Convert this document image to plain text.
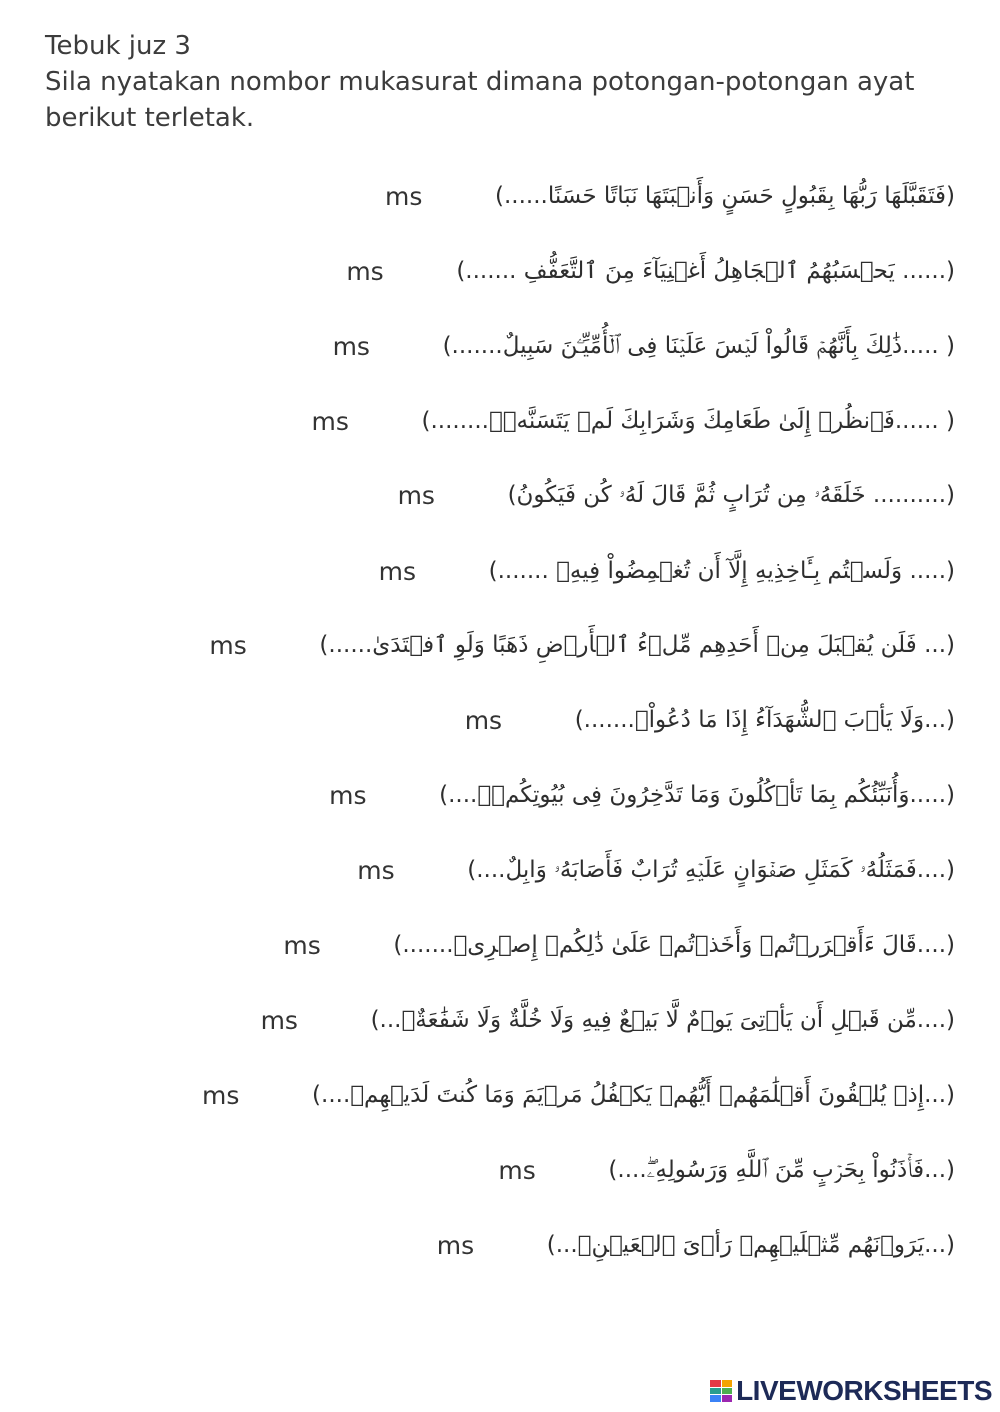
Tebuk juz 3
Sila nyatakan nombor mukasurat dimana potongan-potongan ayat
berikut terletak.
ms	(فَتَقَبَّلَهَا رَبُّهَا بِقَبُولٍ حَسَنٍ وَأَنۢبَتَهَا نَبَاتًا حَسَنًا......)
ms	(...... يَحۡسَبُهُمُ ٱلۡجَاهِلُ أَغۡنِيَآءَ مِنَ ٱلتَّعَفُّفِ .......)
ms	( .....ذَٰلِكَ بِأَنَّهُمۡ قَالُواْ لَيۡسَ عَلَيۡنَا فِى ٱلۡأُمِّيِّـۧنَ سَبِيلٌ.......)
ms	( ......فَٱنظُرۡ إِلَىٰ طَعَامِكَ وَشَرَابِكَ لَمۡ يَتَسَنَّهۡۖ........)
ms	(.......... خَلَقَهُۥ مِن تُرَابٍ ثُمَّ قَالَ لَهُۥ كُن فَيَكُونُ)
ms	(..... وَلَسۡتُم بِـَٔاخِذِيهِ إِلَّآ أَن تُغۡمِضُواْ فِيهِۚ .......)
ms	(... فَلَن يُقۡبَلَ مِنۡ أَحَدِهِم مِّلۡءُ ٱلۡأَرۡضِ ذَهَبًا وَلَوِ ٱفۡتَدَىٰ......)
ms	(...وَلَا يَأۡبَ ٱلشُّهَدَآءُ إِذَا مَا دُعُواْۚ.......)
ms	(.....وَأُنَبِّئُكُم بِمَا تَأۡكُلُونَ وَمَا تَدَّخِرُونَ فِى بُيُوتِكُمۡۚ....)
ms	(....فَمَثَلُهُۥ كَمَثَلِ صَفۡوَانٍ عَلَيۡهِ تُرَابٌ فَأَصَابَهُۥ وَابِلٌ....)
ms	(....قَالَ ءَأَقۡرَرۡتُمۡ وَأَخَذۡتُمۡ عَلَىٰ ذَٰلِكُمۡ إِصۡرِىۖ.......)
ms	(....مِّن قَبۡلِ أَن يَأۡتِىَ يَوۡمٌ لَّا بَيۡعٌ فِيهِ وَلَا خُلَّةٌ وَلَا شَفَٰعَةٌۗ...)
ms	(...إِذۡ يُلۡقُونَ أَقۡلَٰمَهُمۡ أَيُّهُمۡ يَكۡفُلُ مَرۡيَمَ وَمَا كُنتَ لَدَيۡهِمۡ....)
ms	(...فَأۡذَنُواْ بِحَرۡبٍ مِّنَ ٱللَّهِ وَرَسُولِهِۦۖ....)
ms	(...يَرَوۡنَهُم مِّثۡلَيۡهِمۡ رَأۡىَ ٱلۡعَيۡنِۚ...)
LIVEWORKSHEETS
